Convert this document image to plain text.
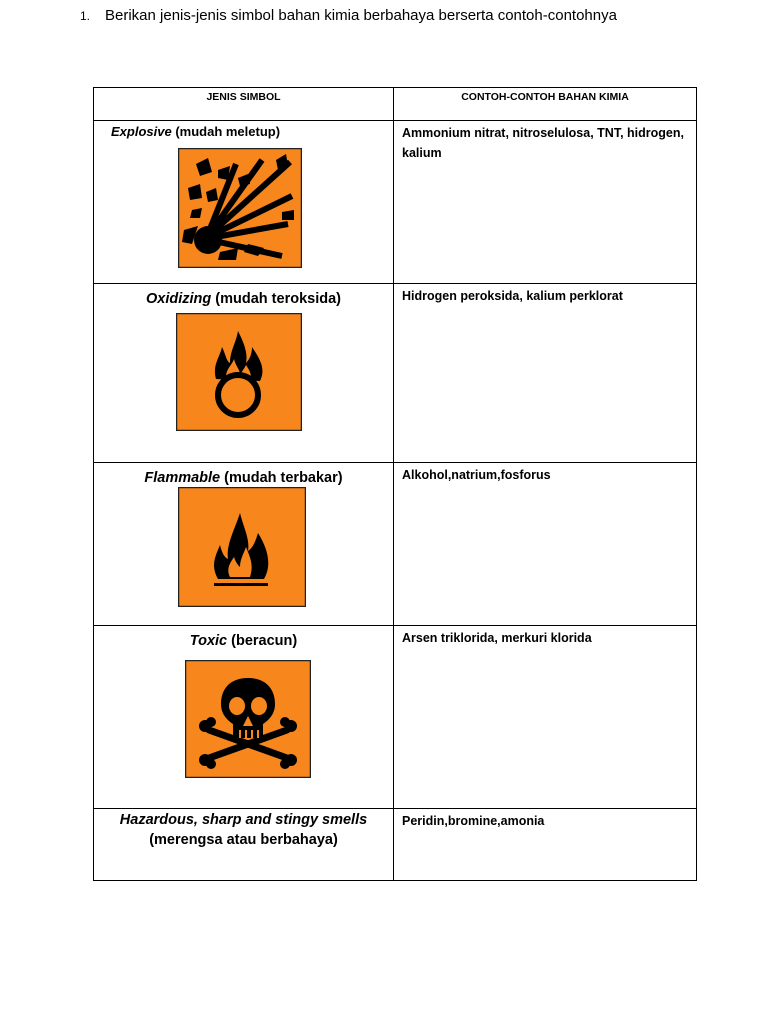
1. Berikan jenis-jenis simbol bahan kimia berbahaya berserta contoh-contohnya
JENIS SIMBOL	CONTOH-CONTOH BAHAN KIMIA

Explosive (mudah meletup)	Ammonium nitrat, nitroselulosa, TNT, hidrogen, kalium

Oxidizing (mudah teroksida)	Hidrogen peroksida, kalium perklorat

Flammable (mudah terbakar)	Alkohol,natrium,fosforus

Toxic (beracun)	Arsen triklorida, merkuri klorida

Hazardous, sharp and stingy smells
(merengsa atau berbahaya)	Peridin,bromine,amonia
